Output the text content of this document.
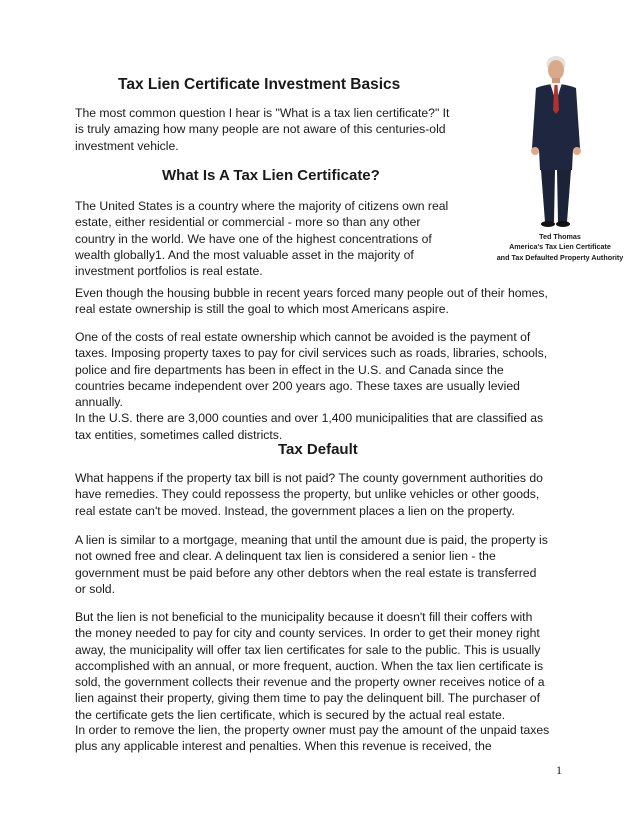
Tax Lien Certificate Investment Basics

The most common question I hear is "What is a tax lien certificate?" It
is truly amazing how many people are not aware of this centuries-old
investment vehicle.

What Is A Tax Lien Certificate?

The United States is a country where the majority of citizens own real
estate, either residential or commercial - more so than any other
country in the world. We have one of the highest concentrations of
wealth globally1. And the most valuable asset in the majority of
investment portfolios is real estate.

Even though the housing bubble in recent years forced many people out of their homes,
real estate ownership is still the goal to which most Americans aspire.

One of the costs of real estate ownership which cannot be avoided is the payment of
taxes. Imposing property taxes to pay for civil services such as roads, libraries, schools,
police and fire departments has been in effect in the U.S. and Canada since the
countries became independent over 200 years ago. These taxes are usually levied
annually.
In the U.S. there are 3,000 counties and over 1,400 municipalities that are classified as
tax entities, sometimes called districts.

Tax Default

What happens if the property tax bill is not paid? The county government authorities do
have remedies. They could repossess the property, but unlike vehicles or other goods,
real estate can't be moved. Instead, the government places a lien on the property.

A lien is similar to a mortgage, meaning that until the amount due is paid, the property is
not owned free and clear. A delinquent tax lien is considered a senior lien - the
government must be paid before any other debtors when the real estate is transferred
or sold.

But the lien is not beneficial to the municipality because it doesn't fill their coffers with
the money needed to pay for city and county services. In order to get their money right
away, the municipality will offer tax lien certificates for sale to the public. This is usually
accomplished with an annual, or more frequent, auction. When the tax lien certificate is
sold, the government collects their revenue and the property owner receives notice of a
lien against their property, giving them time to pay the delinquent bill. The purchaser of
the certificate gets the lien certificate, which is secured by the actual real estate.

In order to remove the lien, the property owner must pay the amount of the unpaid taxes
plus any applicable interest and penalties. When this revenue is received, the

Ted Thomas
America's Tax Lien Certificate
and Tax Defaulted Property Authority
1
